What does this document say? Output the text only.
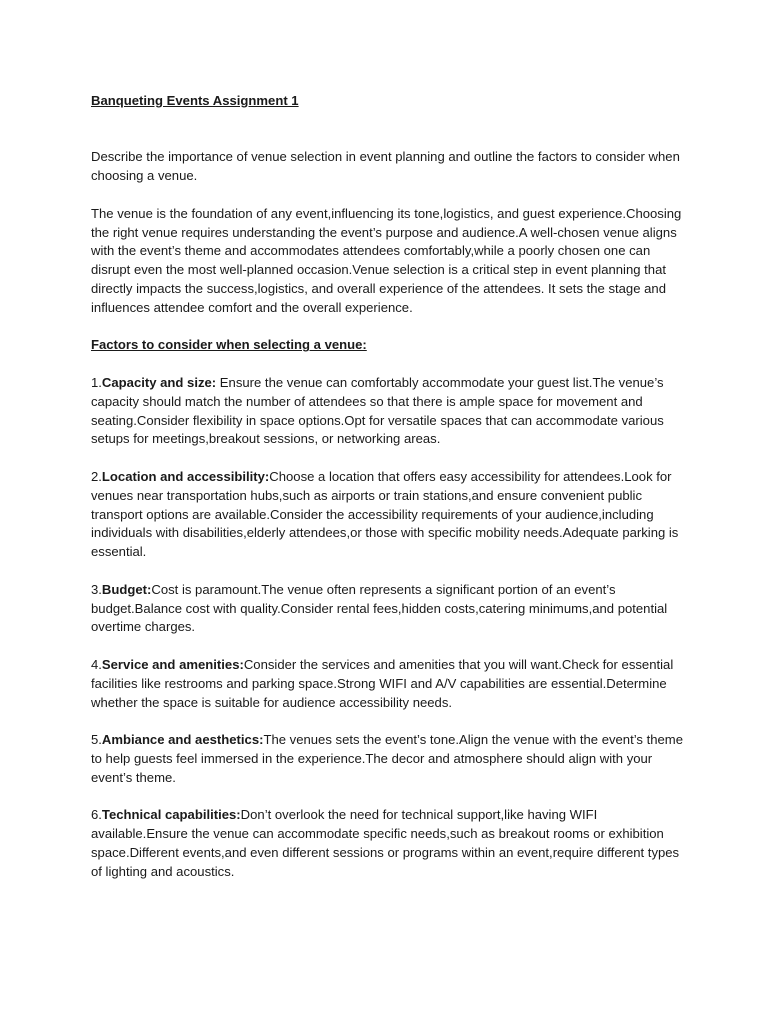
Banqueting Events Assignment 1

Describe the importance of venue selection in event planning and outline the factors to consider when choosing a venue.

The venue is the foundation of any event,influencing its tone,logistics, and guest experience.Choosing the right venue requires understanding the event’s purpose and audience.A well-chosen venue aligns with the event’s theme and accommodates attendees comfortably,while a poorly chosen one can disrupt even the most well-planned occasion.Venue selection is a critical step in event planning that directly impacts the success,logistics, and overall experience of the attendees. It sets the stage and influences attendee comfort and the overall experience.

Factors to consider when selecting a venue:

1.Capacity and size: Ensure the venue can comfortably accommodate your guest list.The venue’s capacity should match the number of attendees so that there is ample space for movement and seating.Consider flexibility in space options.Opt for versatile spaces that can accommodate various setups for meetings,breakout sessions, or networking areas.

2.Location and accessibility:Choose a location that offers easy accessibility for attendees.Look for venues near transportation hubs,such as airports or train stations,and ensure convenient public transport options are available.Consider the accessibility requirements of your audience,including individuals with disabilities,elderly attendees,or those with specific mobility needs.Adequate parking is essential.

3.Budget:Cost is paramount.The venue often represents a significant portion of an event’s budget.Balance cost with quality.Consider rental fees,hidden costs,catering minimums,and potential overtime charges.

4.Service and amenities:Consider the services and amenities that you will want.Check for essential facilities like restrooms and parking space.Strong WIFI and A/V capabilities are essential.Determine whether the space is suitable for audience accessibility needs.

5.Ambiance and aesthetics:The venues sets the event’s tone.Align the venue with the event’s theme to help guests feel immersed in the experience.The decor and atmosphere should align with your event’s theme.

6.Technical capabilities:Don’t overlook the need for technical support,like having WIFI available.Ensure the venue can accommodate specific needs,such as breakout rooms or exhibition space.Different events,and even different sessions or programs within an event,require different types of lighting and acoustics.
